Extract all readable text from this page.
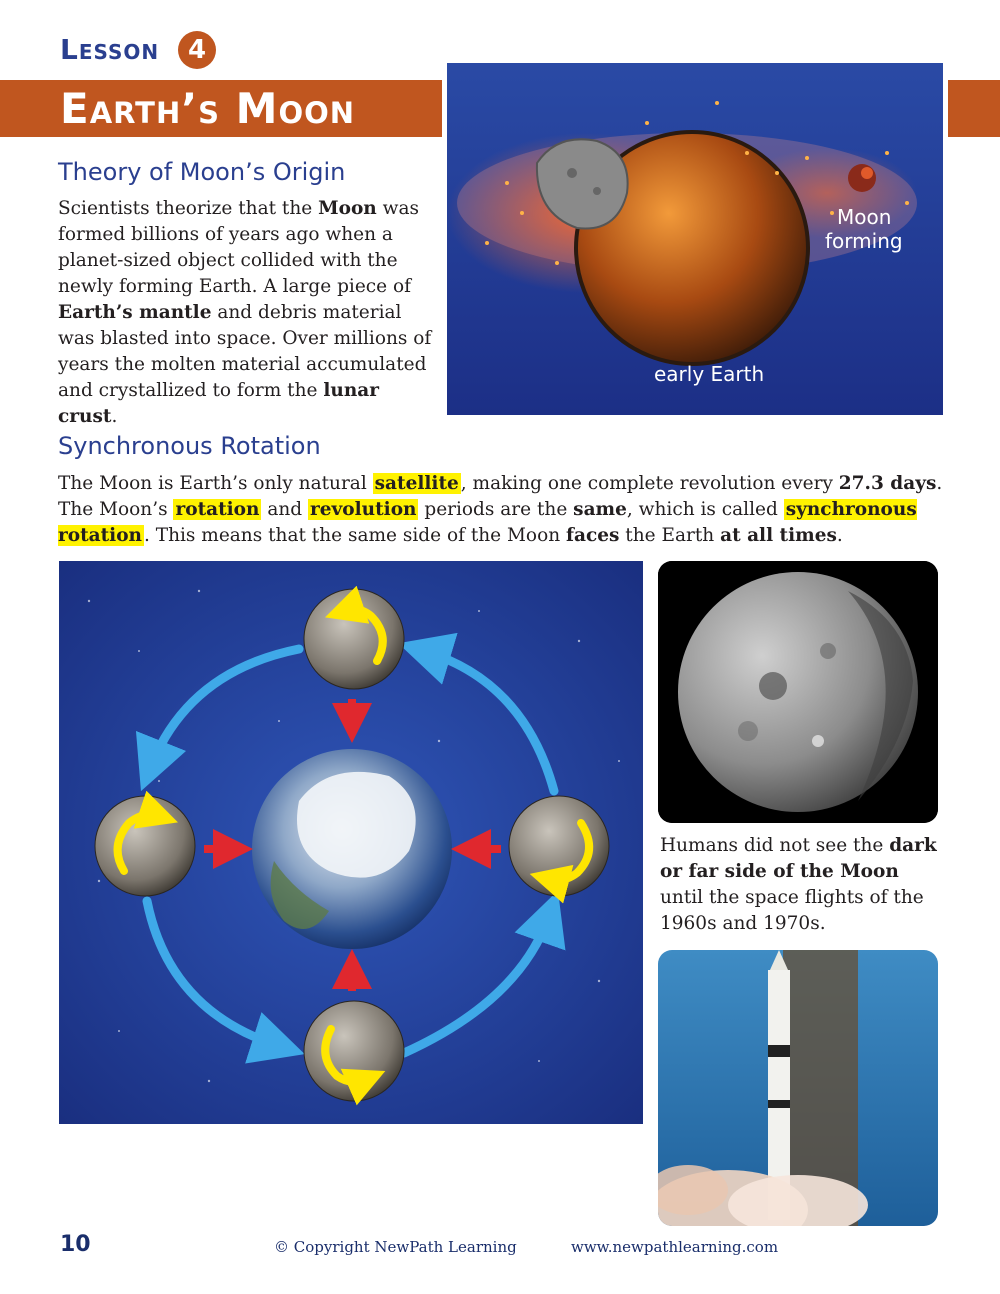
Lesson	4
Earth’s Moon
Theory of Moon’s Origin
Scientists theorize that the Moon was formed billions of years ago when a planet-sized object collided with the newly forming Earth. A large piece of Earth’s mantle and debris material was blasted into space. Over millions of years the molten material accumulated and crystallized to form the lunar crust.
Moon
forming
early Earth
Synchronous Rotation
The Moon is Earth’s only natural satellite , making one complete revolution every 27.3 days. The Moon’s rotation and revolution periods are the same, which is called synchronous rotation . This means that the same side of the Moon faces the Earth at all times.
Humans did not see the dark or far side of the Moon until the space flights of the 1960s and 1970s.
10	© Copyright NewPath Learning	www.newpathlearning.com
